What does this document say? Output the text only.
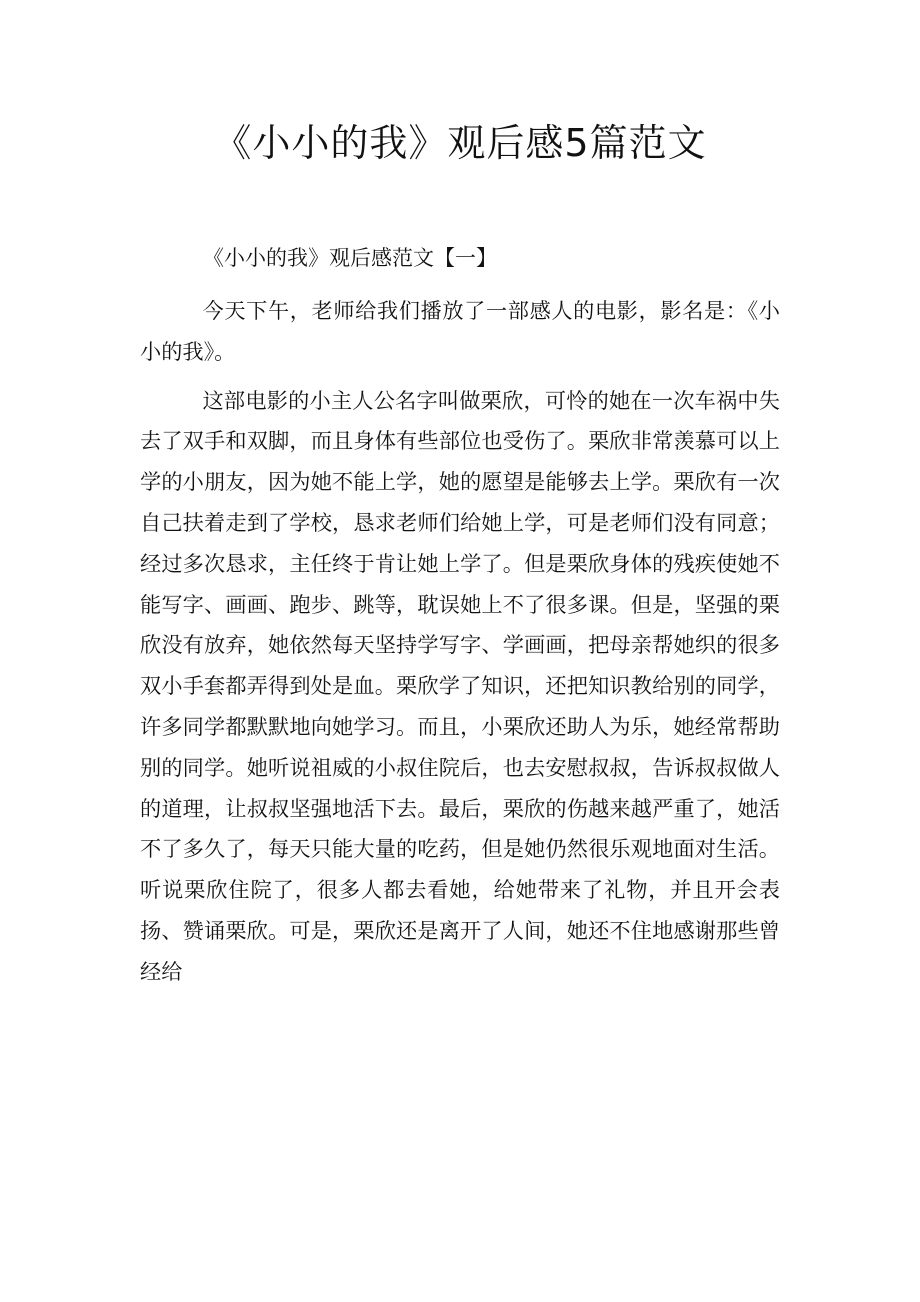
《小小的我》观后感5篇范文
《小小的我》观后感范文【一】

今天下午，老师给我们播放了一部感人的电影，影名是：《小小的我》。

这部电影的小主人公名字叫做栗欣，可怜的她在一次车祸中失去了双手和双脚，而且身体有些部位也受伤了。栗欣非常羡慕可以上学的小朋友，因为她不能上学，她的愿望是能够去上学。栗欣有一次自己扶着走到了学校，恳求老师们给她上学，可是老师们没有同意；经过多次恳求，主任终于肯让她上学了。但是栗欣身体的残疾使她不能写字、画画、跑步、跳等，耽误她上不了很多课。但是，坚强的栗欣没有放弃，她依然每天坚持学写字、学画画，把母亲帮她织的很多双小手套都弄得到处是血。栗欣学了知识，还把知识教给别的同学，许多同学都默默地向她学习。而且，小栗欣还助人为乐，她经常帮助别的同学。她听说祖威的小叔住院后，也去安慰叔叔，告诉叔叔做人的道理，让叔叔坚强地活下去。最后，栗欣的伤越来越严重了，她活不了多久了，每天只能大量的吃药，但是她仍然很乐观地面对生活。听说栗欣住院了，很多人都去看她，给她带来了礼物，并且开会表扬、赞诵栗欣。可是，栗欣还是离开了人间，她还不住地感谢那些曾经给
